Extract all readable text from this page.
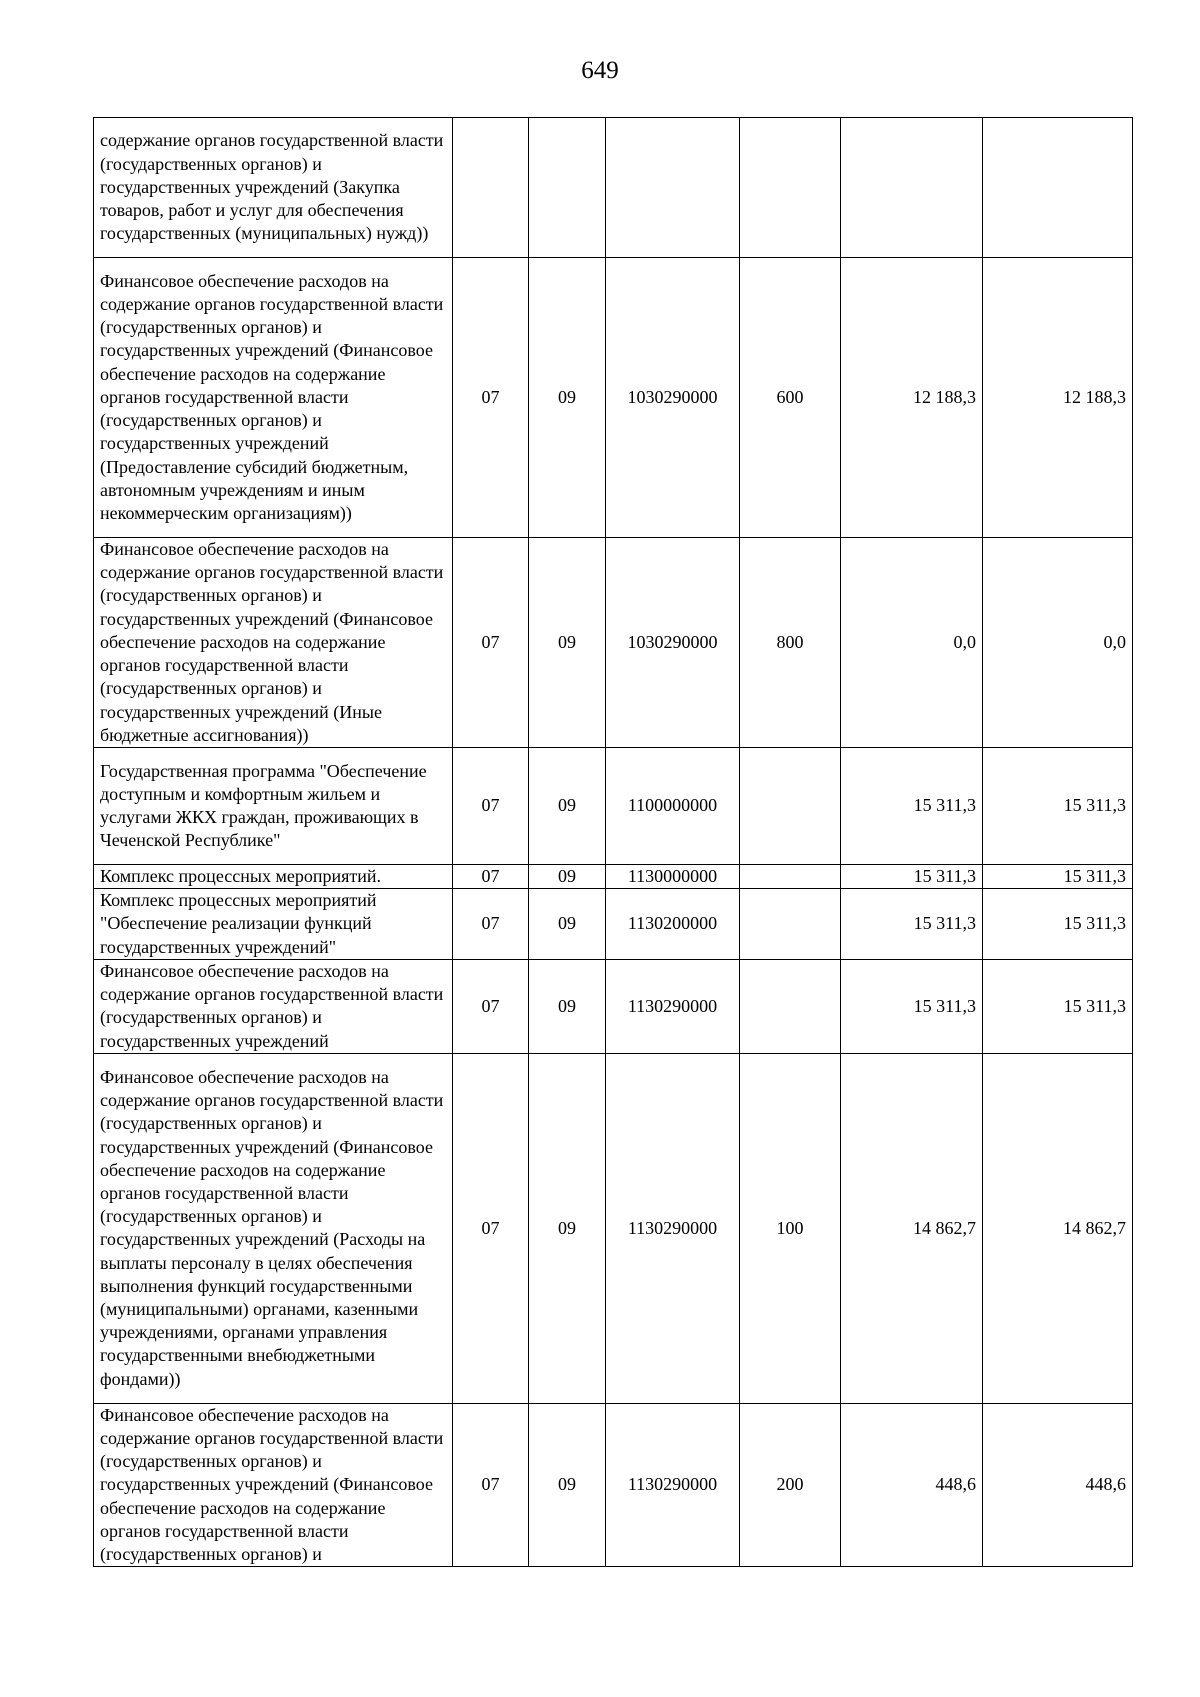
649
содержание органов государственной власти (государственных органов) и государственных учреждений (Закупка товаров, работ и услуг для обеспечения государственных (муниципальных) нужд))						
Финансовое обеспечение расходов на содержание органов государственной власти (государственных органов) и государственных учреждений (Финансовое обеспечение расходов на содержание органов государственной власти (государственных органов) и государственных учреждений (Предоставление субсидий бюджетным, автономным учреждениям и иным некоммерческим организациям))	07	09	1030290000	600	12 188,3	12 188,3
Финансовое обеспечение расходов на содержание органов государственной власти (государственных органов) и государственных учреждений (Финансовое обеспечение расходов на содержание органов государственной власти (государственных органов) и государственных учреждений (Иные бюджетные ассигнования))	07	09	1030290000	800	0,0	0,0
Государственная программа "Обеспечение доступным и комфортным жильем и услугами ЖКХ граждан, проживающих в Чеченской Республике"	07	09	1100000000		15 311,3	15 311,3
Комплекс процессных мероприятий.	07	09	1130000000		15 311,3	15 311,3
Комплекс процессных мероприятий "Обеспечение реализации функций государственных учреждений"	07	09	1130200000		15 311,3	15 311,3
Финансовое обеспечение расходов на содержание органов государственной власти (государственных органов) и государственных учреждений	07	09	1130290000		15 311,3	15 311,3
Финансовое обеспечение расходов на содержание органов государственной власти (государственных органов) и государственных учреждений (Финансовое обеспечение расходов на содержание органов государственной власти (государственных органов) и государственных учреждений (Расходы на выплаты персоналу в целях обеспечения выполнения функций государственными (муниципальными) органами, казенными учреждениями, органами управления государственными внебюджетными фондами))	07	09	1130290000	100	14 862,7	14 862,7
Финансовое обеспечение расходов на содержание органов государственной власти (государственных органов) и государственных учреждений (Финансовое обеспечение расходов на содержание органов государственной власти (государственных органов) и	07	09	1130290000	200	448,6	448,6
